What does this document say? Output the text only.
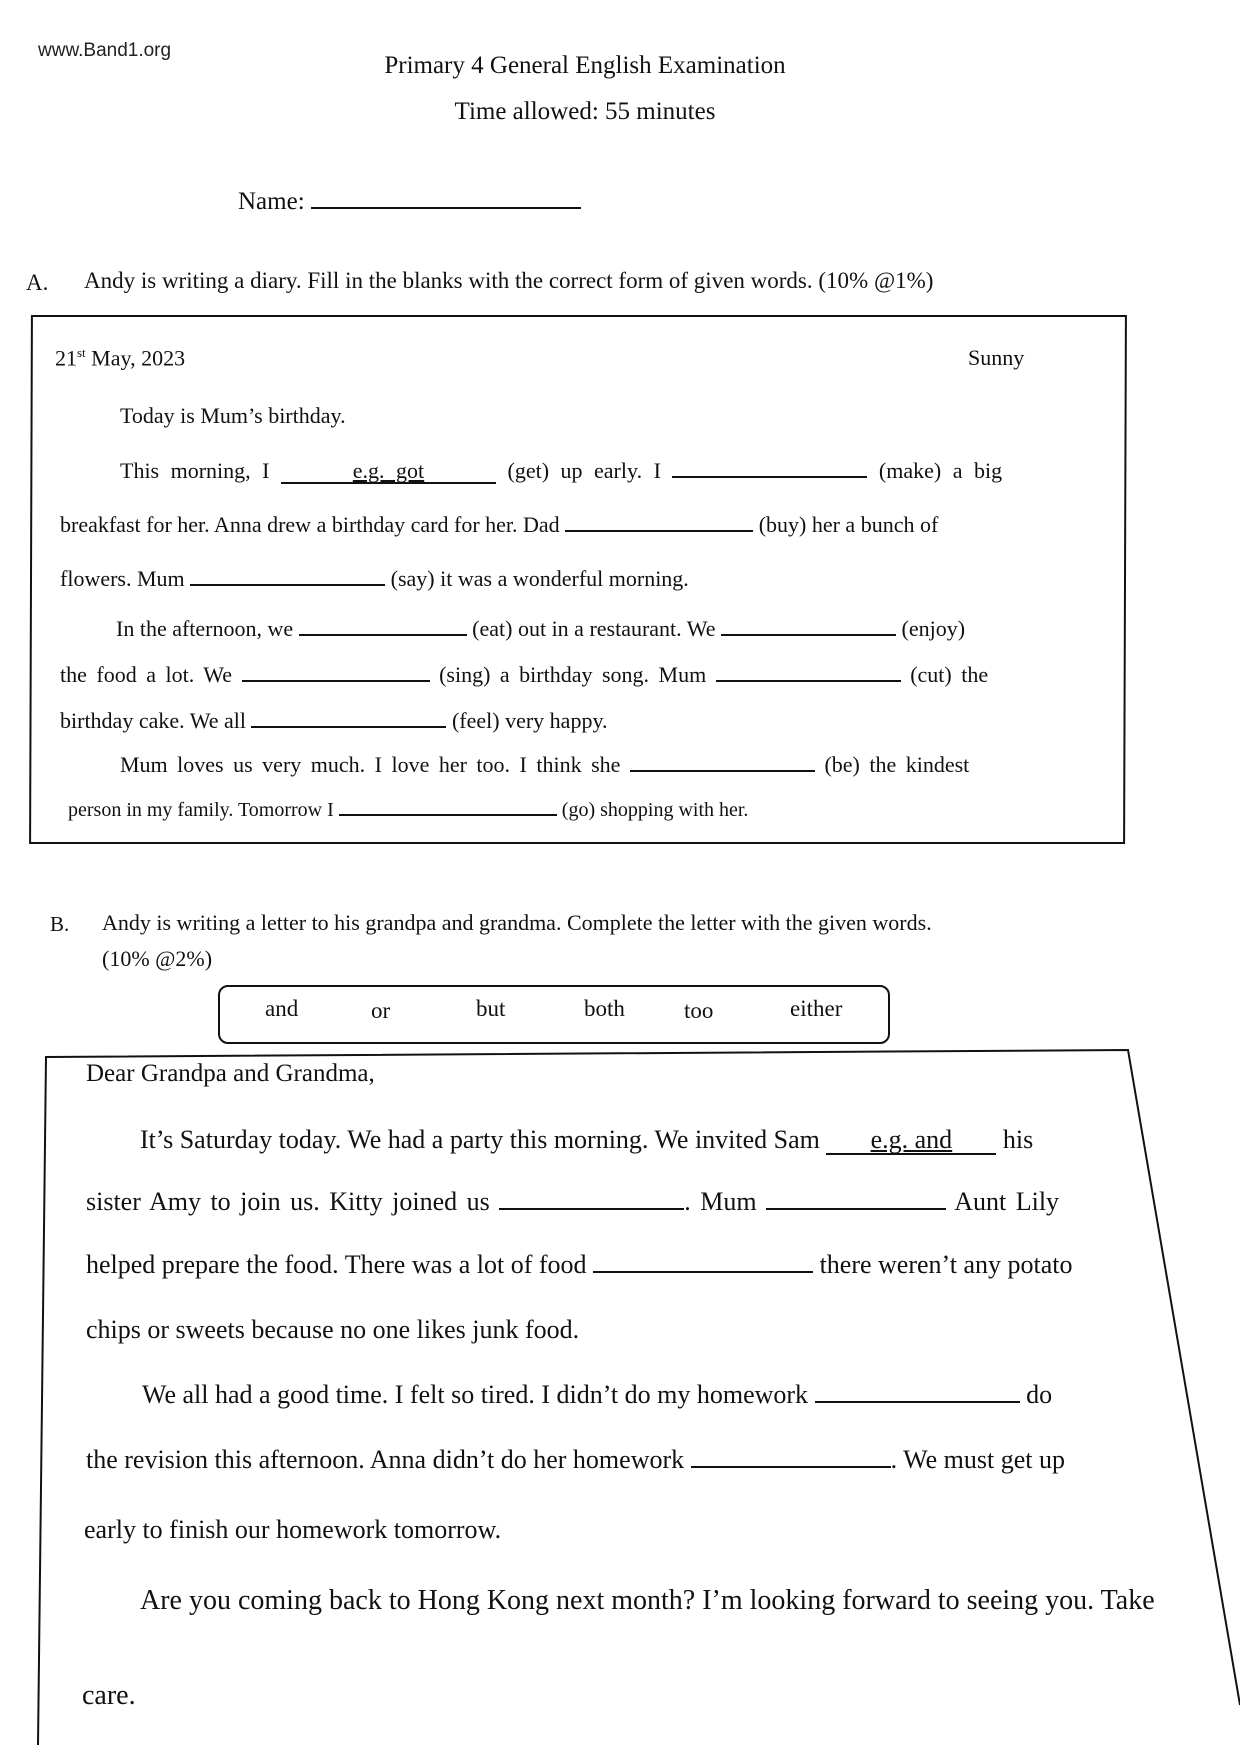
www.Band1.org
Primary 4 General English Examination
Time allowed: 55 minutes
Name:
A. Andy is writing a diary. Fill in the blanks with the correct form of given words. (10% @1%)
21st May, 2023	Sunny
Today is Mum’s birthday.
This morning, I	e.g. got	(get) up early. I	(make) a big
breakfast for her. Anna drew a birthday card for her. Dad	(buy) her a bunch of
flowers. Mum	(say) it was a wonderful morning.
In the afternoon, we	(eat) out in a restaurant. We	(enjoy)
the food a lot. We	(sing) a birthday song. Mum	(cut) the
birthday cake. We all	(feel) very happy.
Mum loves us very much. I love her too. I think she	(be) the kindest
person in my family. Tomorrow I	(go) shopping with her.
B. Andy is writing a letter to his grandpa and grandma. Complete the letter with the given words.
(10% @2%)
and	or	but	both	too	either
Dear Grandpa and Grandma,
It’s Saturday today. We had a party this morning. We invited Sam e.g. and his
sister Amy to join us. Kitty joined us	. Mum	Aunt Lily
helped prepare the food. There was a lot of food	there weren’t any potato
chips or sweets because no one likes junk food.
We all had a good time. I felt so tired. I didn’t do my homework	do
the revision this afternoon. Anna didn’t do her homework	. We must get up
early to finish our homework tomorrow.
Are you coming back to Hong Kong next month? I’m looking forward to seeing you. Take
care.
